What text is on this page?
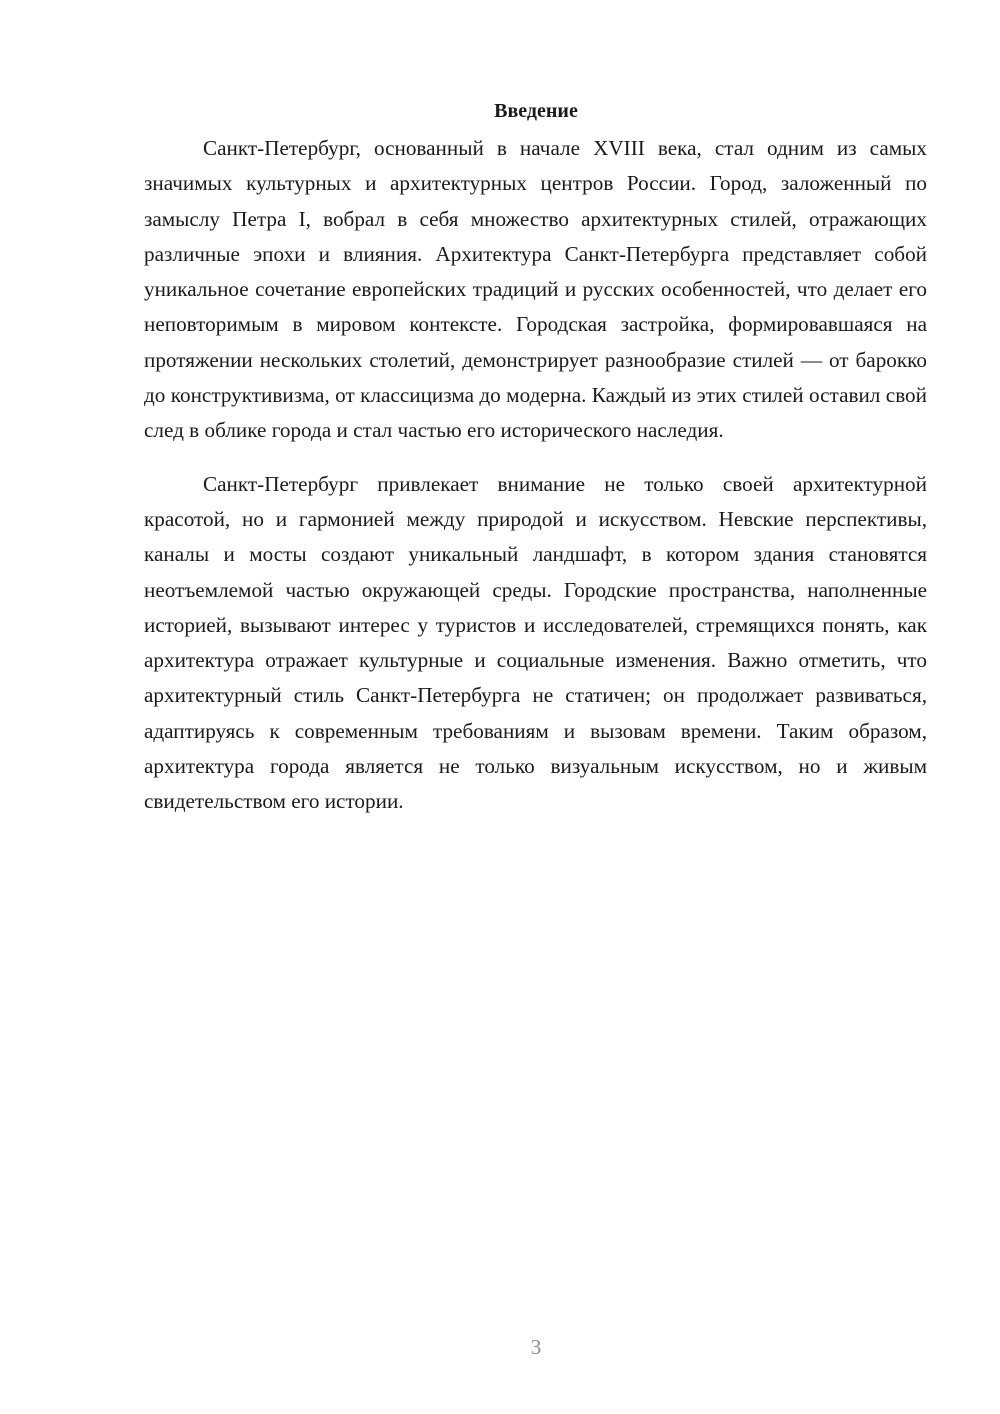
Введение

Санкт-Петербург, основанный в начале XVIII века, стал одним из самых значимых культурных и архитектурных центров России. Город, заложенный по замыслу Петра I, вобрал в себя множество архитектурных стилей, отражающих различные эпохи и влияния. Архитектура Санкт-Петербурга представляет собой уникальное сочетание европейских традиций и русских особенностей, что делает его неповторимым в мировом контексте. Городская застройка, формировавшаяся на протяжении нескольких столетий, демонстрирует разнообразие стилей — от барокко до конструктивизма, от классицизма до модерна. Каждый из этих стилей оставил свой след в облике города и стал частью его исторического наследия.

Санкт-Петербург привлекает внимание не только своей архитектурной красотой, но и гармонией между природой и искусством. Невские перспективы, каналы и мосты создают уникальный ландшафт, в котором здания становятся неотъемлемой частью окружающей среды. Городские пространства, наполненные историей, вызывают интерес у туристов и исследователей, стремящихся понять, как архитектура отражает культурные и социальные изменения. Важно отметить, что архитектурный стиль Санкт-Петербурга не статичен; он продолжает развиваться, адаптируясь к современным требованиям и вызовам времени. Таким образом, архитектура города является не только визуальным искусством, но и живым свидетельством его истории.

3
